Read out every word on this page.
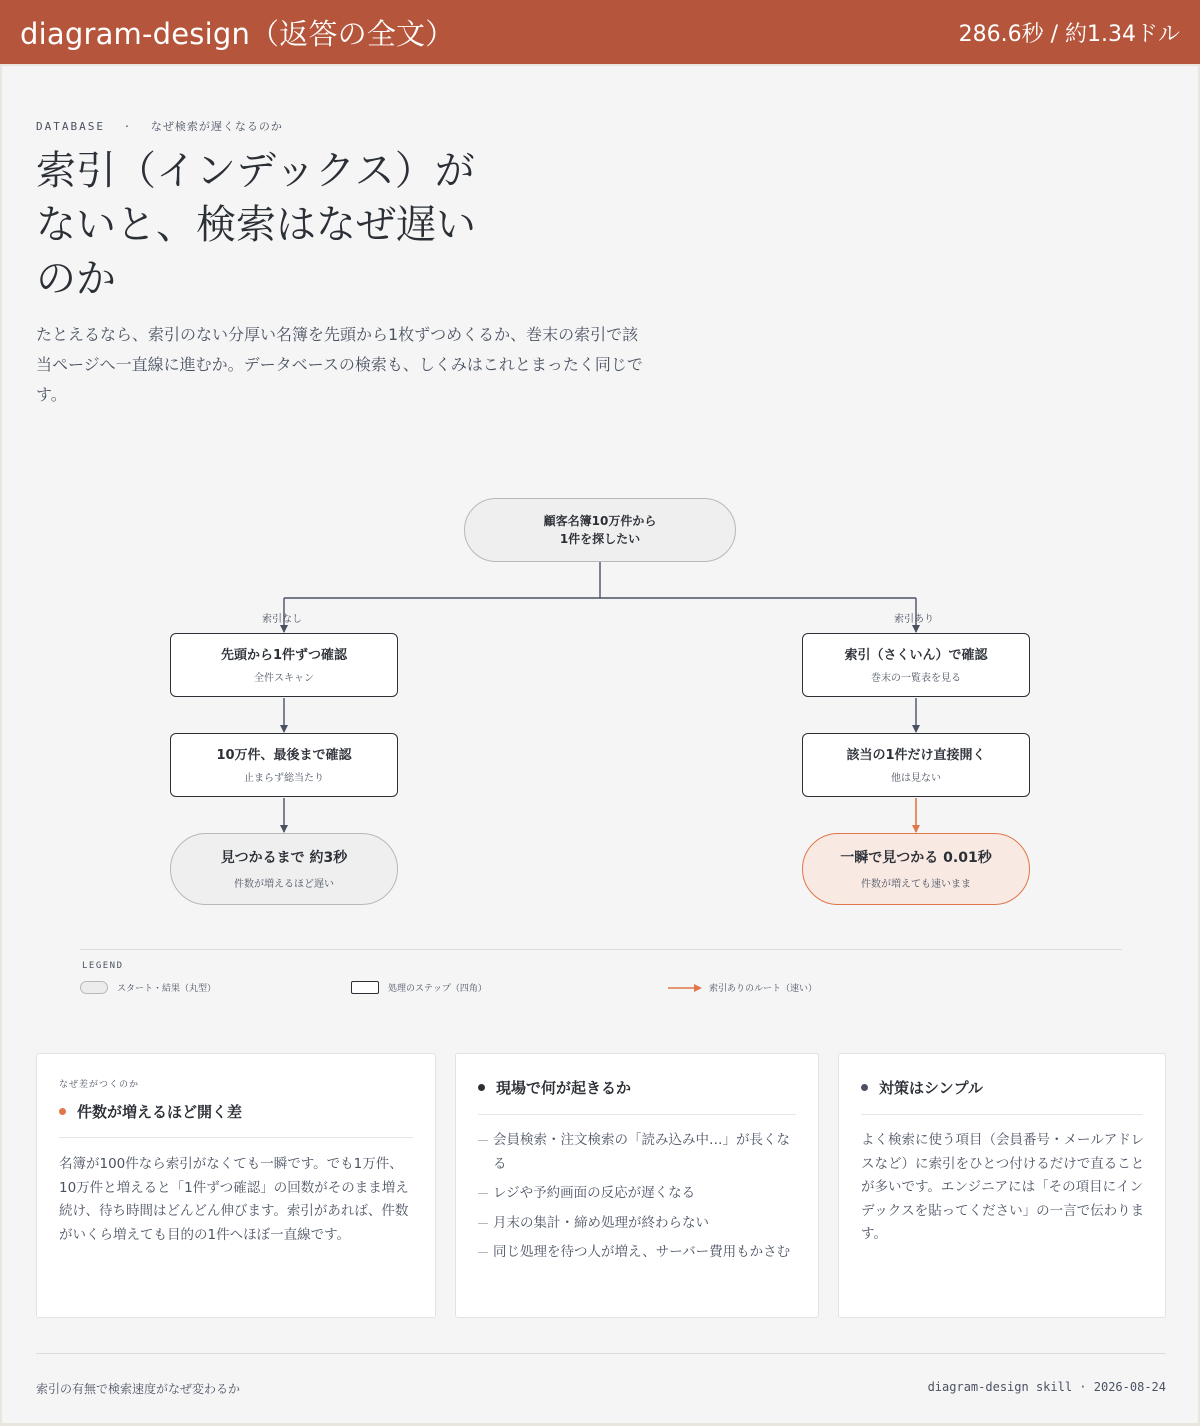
diagram-design（返答の全文）	286.6秒 / 約1.34ドル
DATABASE · なぜ検索が遅くなるのか
索引（インデックス）が
ないと、検索はなぜ遅い
のか

たとえるなら、索引のない分厚い名簿を先頭から1枚ずつめくるか、巻末の索引で該当ページへ一直線に進むか。データベースの検索も、しくみはこれとまったく同じです。

顧客名簿10万件から
1件を探したい
索引なし	索引あり
先頭から1件ずつ確認
全件スキャン
10万件、最後まで確認
止まらず総当たり
見つかるまで 約3秒
件数が増えるほど遅い
索引（さくいん）で確認
巻末の一覧表を見る
該当の1件だけ直接開く
他は見ない
一瞬で見つかる 0.01秒
件数が増えても速いまま
LEGEND
スタート・結果（丸型）	処理のステップ（四角）	索引ありのルート（速い）
なぜ差がつくのか
件数が増えるほど開く差

名簿が100件なら索引がなくても一瞬です。でも1万件、10万件と増えると「1件ずつ確認」の回数がそのまま増え続け、待ち時間はどんどん伸びます。索引があれば、件数がいくら増えても目的の1件へほぼ一直線です。

現場で何が起きるか
会員検索・注文検索の「読み込み中…」が長くなる
レジや予約画面の反応が遅くなる
月末の集計・締め処理が終わらない
同じ処理を待つ人が増え、サーバー費用もかさむ
対策はシンプル

よく検索に使う項目（会員番号・メールアドレスなど）に索引をひとつ付けるだけで直ることが多いです。エンジニアには「その項目にインデックスを貼ってください」の一言で伝わります。

索引の有無で検索速度がなぜ変わるか	diagram-design skill · 2026-08-24
